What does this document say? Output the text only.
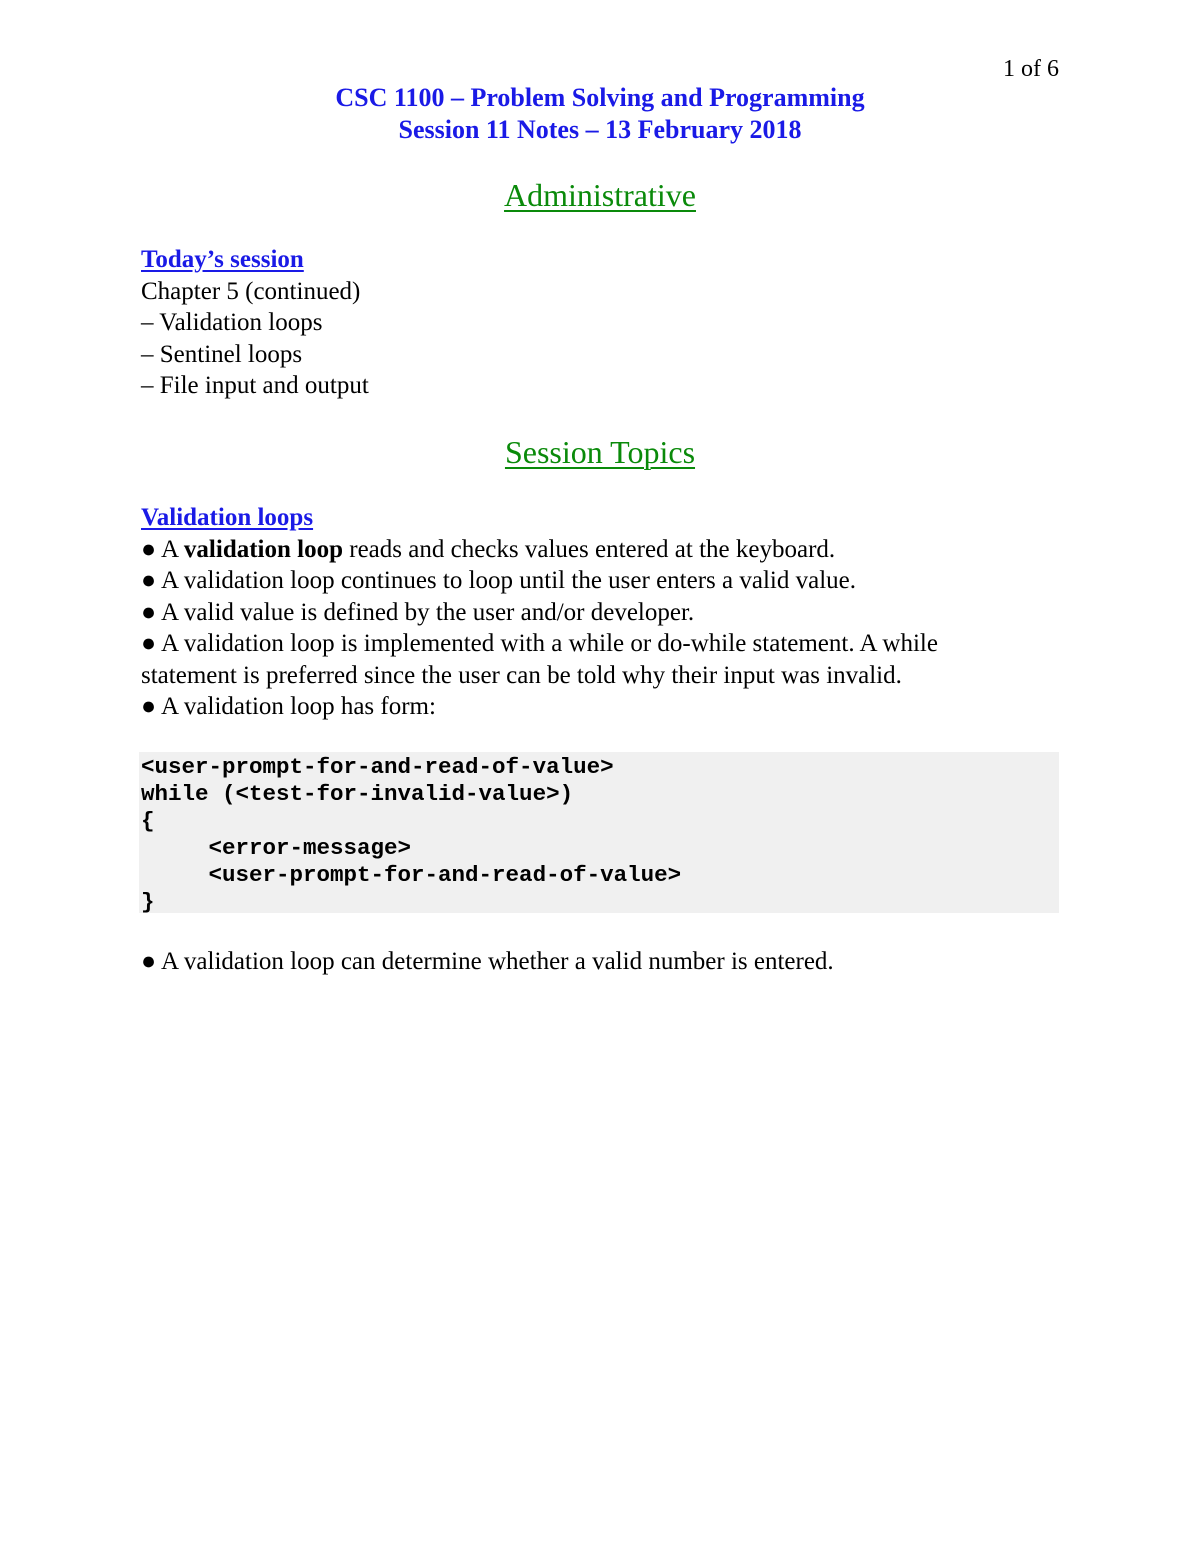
1 of 6
CSC 1100 – Problem Solving and Programming
Session 11 Notes – 13 February 2018
Administrative
Today’s session
Chapter 5 (continued)
– Validation loops
– Sentinel loops
– File input and output
Session Topics
Validation loops
● A validation loop reads and checks values entered at the keyboard.
● A validation loop continues to loop until the user enters a valid value.
● A valid value is defined by the user and/or developer.
● A validation loop is implemented with a while or do-while statement. A while
statement is preferred since the user can be told why their input was invalid.
● A validation loop has form:
<user-prompt-for-and-read-of-value>
while (<test-for-invalid-value>)
{
<error-message>
<user-prompt-for-and-read-of-value>
}
● A validation loop can determine whether a valid number is entered.
